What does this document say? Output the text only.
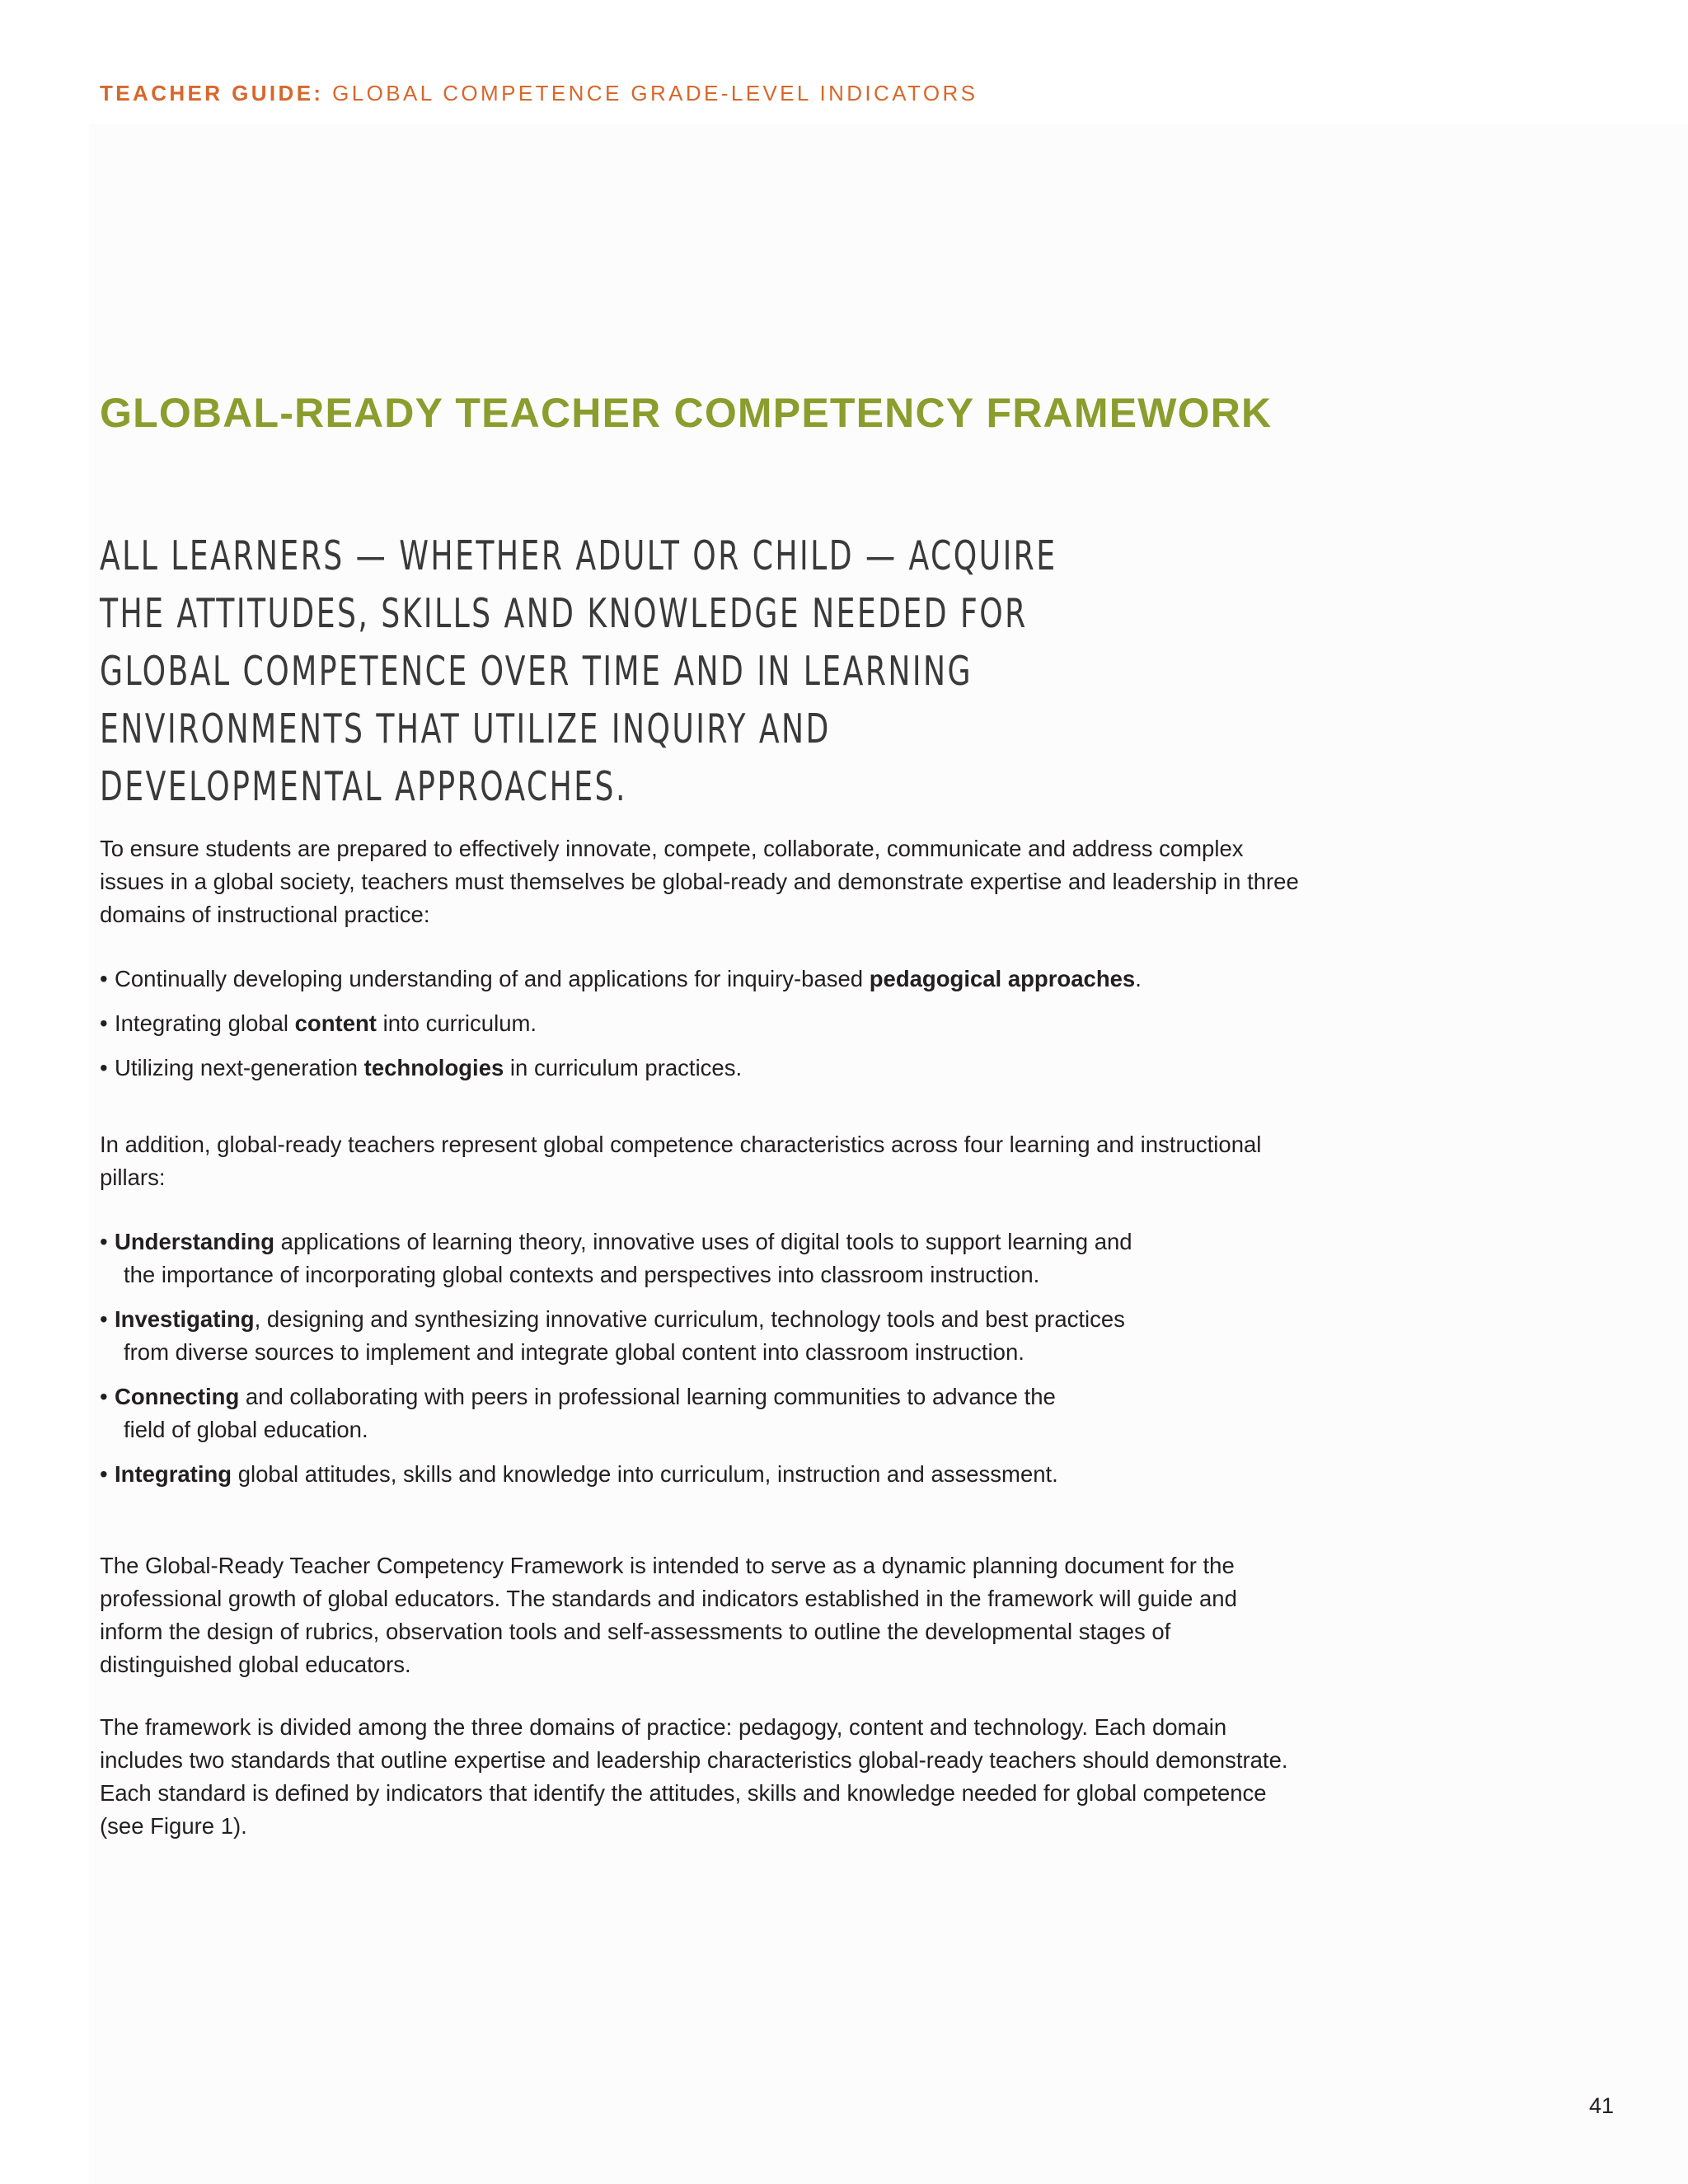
TEACHER GUIDE: GLOBAL COMPETENCE GRADE-LEVEL INDICATORS
GLOBAL-READY TEACHER COMPETENCY FRAMEWORK

ALL LEARNERS — WHETHER ADULT OR CHILD — ACQUIRE THE ATTITUDES, SKILLS AND KNOWLEDGE NEEDED FOR GLOBAL COMPETENCE OVER TIME AND IN LEARNING ENVIRONMENTS THAT UTILIZE INQUIRY AND DEVELOPMENTAL APPROACHES.

To ensure students are prepared to effectively innovate, compete, collaborate, communicate and address complex issues in a global society, teachers must themselves be global-ready and demonstrate expertise and leadership in three domains of instructional practice:

• Continually developing understanding of and applications for inquiry-based pedagogical approaches.
• Integrating global content into curriculum.
• Utilizing next-generation technologies in curriculum practices.

In addition, global-ready teachers represent global competence characteristics across four learning and instructional pillars:

• Understanding applications of learning theory, innovative uses of digital tools to support learning and
the importance of incorporating global contexts and perspectives into classroom instruction.
• Investigating, designing and synthesizing innovative curriculum, technology tools and best practices
from diverse sources to implement and integrate global content into classroom instruction.
• Connecting and collaborating with peers in professional learning communities to advance the
field of global education.
• Integrating global attitudes, skills and knowledge into curriculum, instruction and assessment.

The Global-Ready Teacher Competency Framework is intended to serve as a dynamic planning document for the professional growth of global educators. The standards and indicators established in the framework will guide and inform the design of rubrics, observation tools and self-assessments to outline the developmental stages of distinguished global educators.

The framework is divided among the three domains of practice: pedagogy, content and technology. Each domain includes two standards that outline expertise and leadership characteristics global-ready teachers should demonstrate. Each standard is defined by indicators that identify the attitudes, skills and knowledge needed for global competence (see Figure 1).

41
